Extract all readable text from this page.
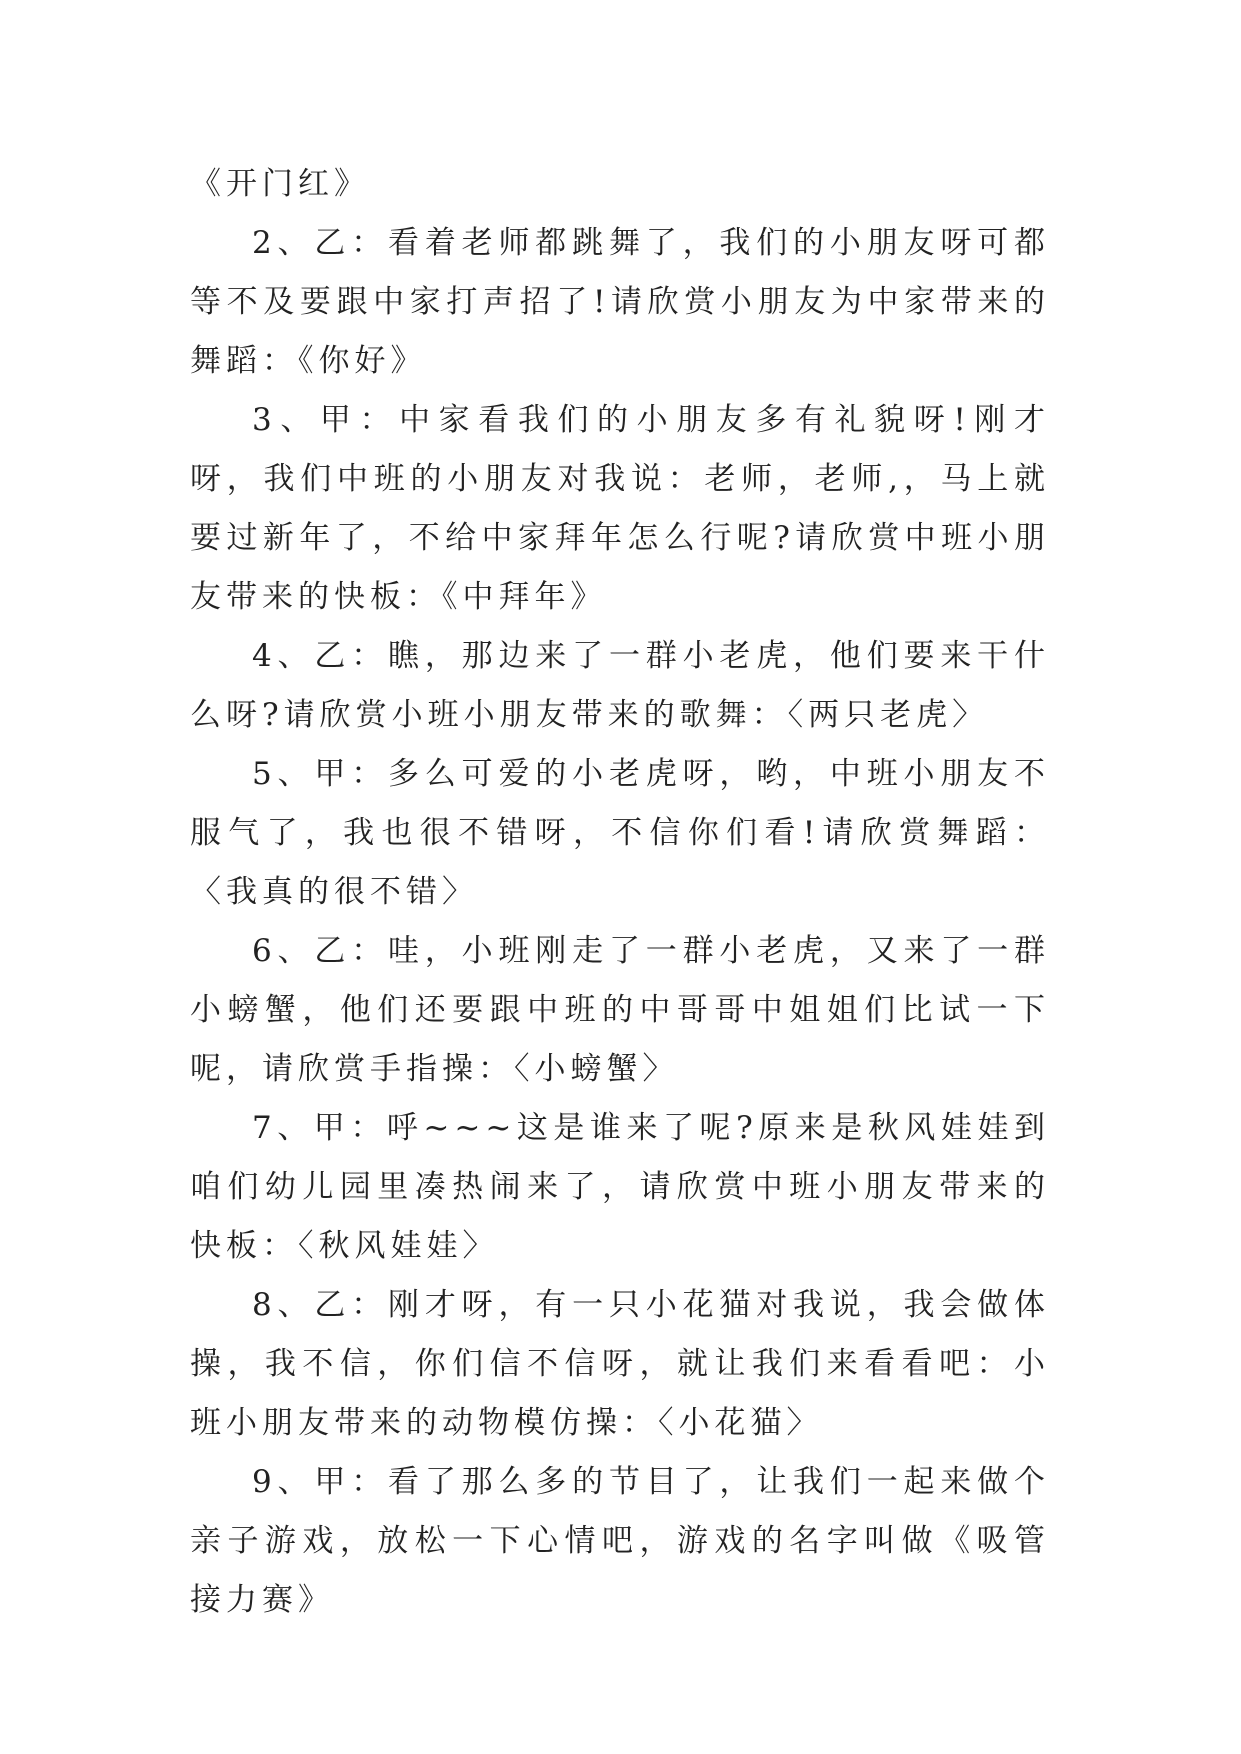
《开门红》

2、乙：看着老师都跳舞了，我们的小朋友呀可都等不及要跟中家打声招了!请欣赏小朋友为中家带来的舞蹈：《你好》

3、甲：中家看我们的小朋友多有礼貌呀!刚才呀，我们中班的小朋友对我说：老师，老师,，马上就要过新年了，不给中家拜年怎么行呢?请欣赏中班小朋友带来的快板：《中拜年》

4、乙：瞧，那边来了一群小老虎，他们要来干什么呀?请欣赏小班小朋友带来的歌舞：〈两只老虎〉

5、甲：多么可爱的小老虎呀，哟，中班小朋友不服气了，我也很不错呀，不信你们看!请欣赏舞蹈：〈我真的很不错〉

6、乙：哇，小班刚走了一群小老虎，又来了一群小螃蟹，他们还要跟中班的中哥哥中姐姐们比试一下呢，请欣赏手指操：〈小螃蟹〉

7、甲：呼~~~这是谁来了呢?原来是秋风娃娃到咱们幼儿园里凑热闹来了，请欣赏中班小朋友带来的快板：〈秋风娃娃〉

8、乙：刚才呀，有一只小花猫对我说，我会做体操，我不信，你们信不信呀，就让我们来看看吧：小班小朋友带来的动物模仿操：〈小花猫〉

9、甲：看了那么多的节目了，让我们一起来做个亲子游戏，放松一下心情吧，游戏的名字叫做《吸管接力赛》
